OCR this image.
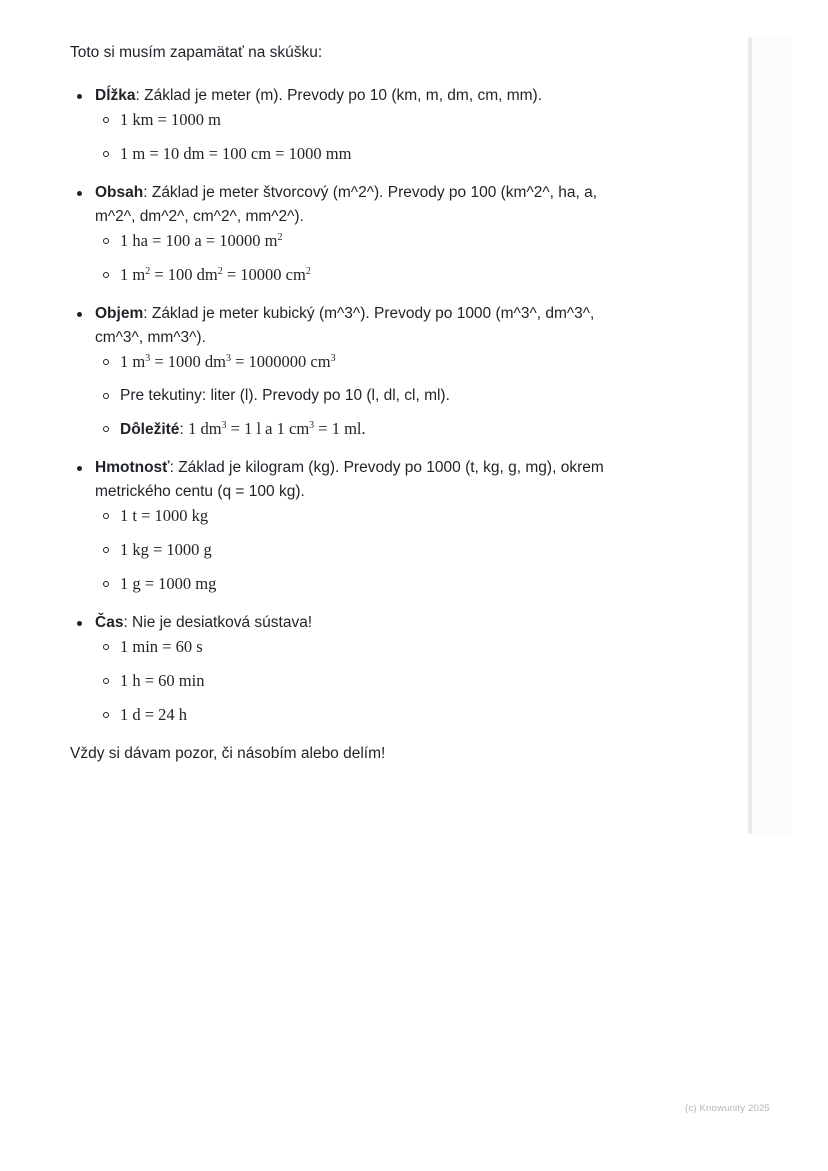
Toto si musím zapamätať na skúšku:

Dĺžka: Základ je meter (m). Prevody po 10 (km, m, dm, cm, mm).
1 km = 1000 m
1 m = 10 dm = 100 cm = 1000 mm
Obsah: Základ je meter štvorcový (m^2^). Prevody po 100 (km^2^, ha, a, m^2^, dm^2^, cm^2^, mm^2^).
1 ha = 100 a = 10000 $m^2$
1 $m^2 = 100$ $dm^2 = 10000$ $cm^2$
Objem: Základ je meter kubický (m^3^). Prevody po 1000 (m^3^, dm^3^, cm^3^, mm^3^).
1 $m^3 = 1000$ $dm^3 = 1000000$ $cm^3$
Pre tekutiny: liter (l). Prevody po 10 (l, dl, cl, ml).
Dôležité: 1 $dm^3 = 1$ l a 1 $cm^3 = 1$ ml.
Hmotnosť: Základ je kilogram (kg). Prevody po 1000 (t, kg, g, mg), okrem metrického centu (q = 100 kg).
1 t = 1000 kg
1 kg = 1000 g
1 g = 1000 mg
Čas: Nie je desiatková sústava!
1 min = 60 s
1 h = 60 min
1 d = 24 h

Vždy si dávam pozor, či násobím alebo delím!

(c) Knowunity 2025
